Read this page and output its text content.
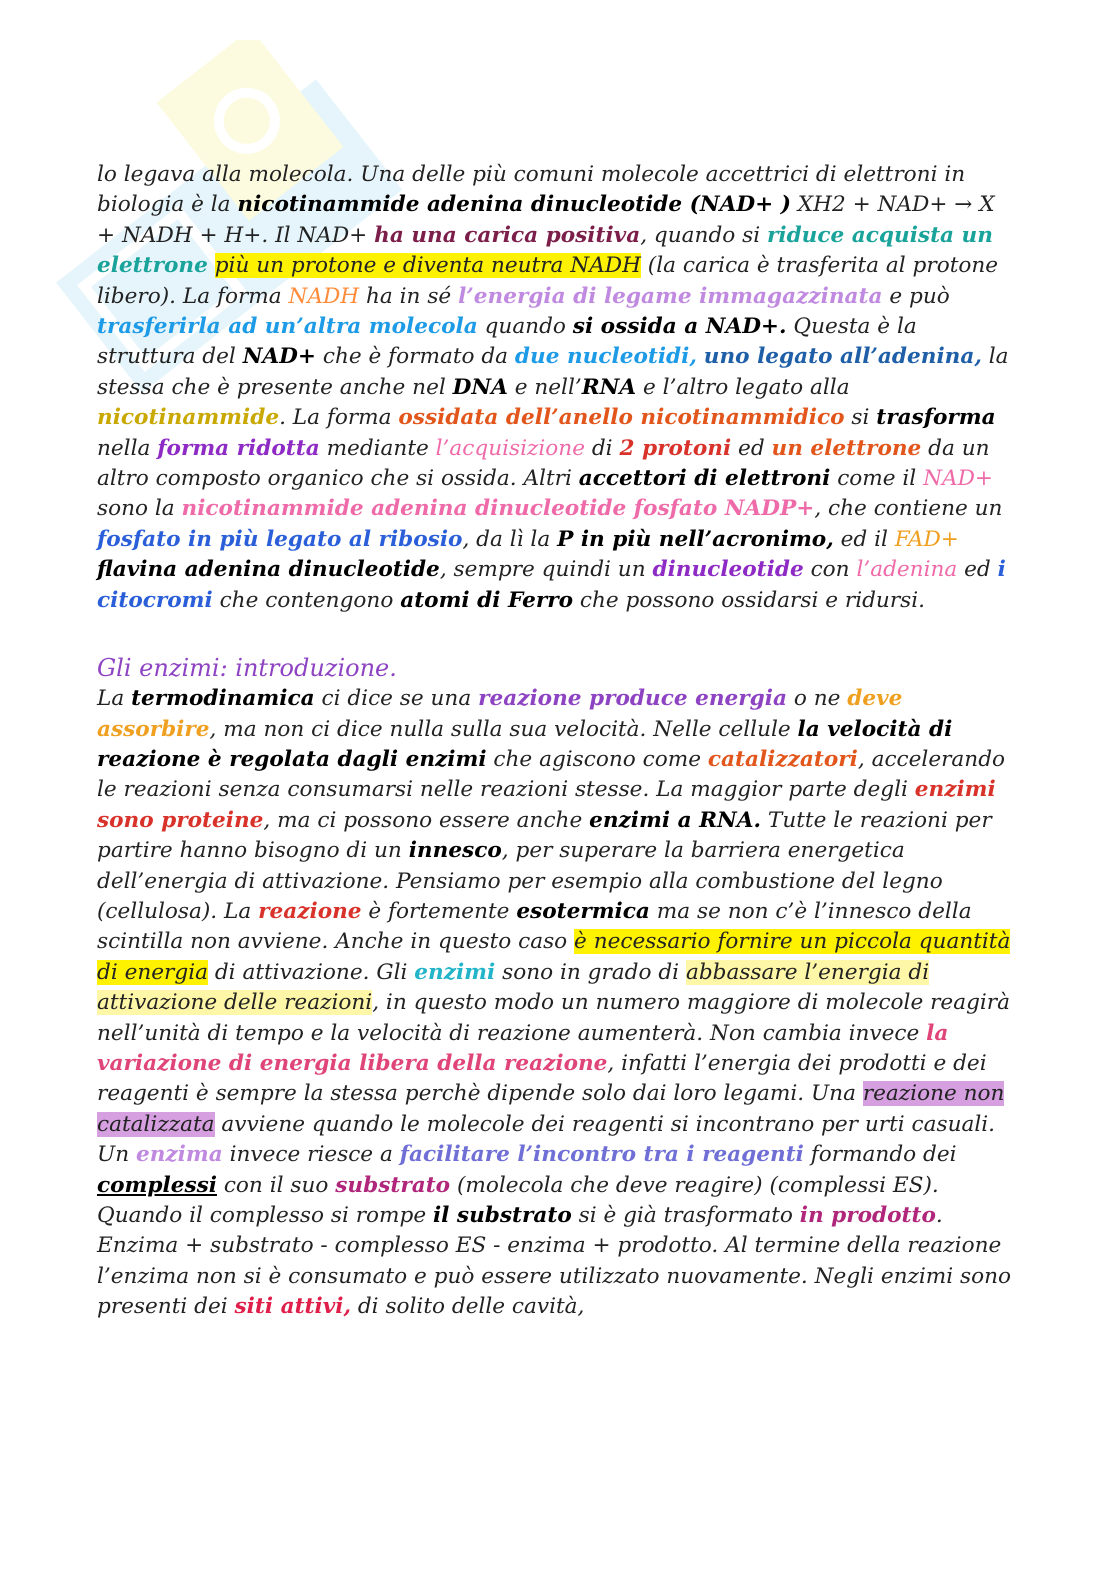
lo legava alla molecola. Una delle più comuni molecole accettrici di elettroni in biologia è la nicotinammide adenina dinucleotide (NAD+ ) XH2 + NAD+ → X + NADH + H+. Il NAD+ ha una carica positiva, quando si riduce acquista un elettrone più un protone e diventa neutra NADH (la carica è trasferita al protone libero). La forma NADH ha in sé l’energia di legame immagazzinata e può trasferirla ad un’altra molecola quando si ossida a NAD+. Questa è la struttura del NAD+ che è formato da due nucleotidi, uno legato all’adenina, la stessa che è presente anche nel DNA e nell’RNA e l’altro legato alla nicotinammide. La forma ossidata dell’anello nicotinammidico si trasforma nella forma ridotta mediante l’acquisizione di 2 protoni ed un elettrone da un altro composto organico che si ossida. Altri accettori di elettroni come il NAD+ sono la nicotinammide adenina dinucleotide fosfato NADP+, che contiene un fosfato in più legato al ribosio, da lì la P in più nell’acronimo, ed il FAD+ flavina adenina dinucleotide, sempre quindi un dinucleotide con l’adenina ed i citocromi che contengono atomi di Ferro che possono ossidarsi e ridursi.

Gli enzimi: introduzione.

La termodinamica ci dice se una reazione produce energia o ne deve assorbire, ma non ci dice nulla sulla sua velocità. Nelle cellule la velocità di reazione è regolata dagli enzimi che agiscono come catalizzatori, accelerando le reazioni senza consumarsi nelle reazioni stesse. La maggior parte degli enzimi sono proteine, ma ci possono essere anche enzimi a RNA. Tutte le reazioni per partire hanno bisogno di un innesco, per superare la barriera energetica dell’energia di attivazione. Pensiamo per esempio alla combustione del legno (cellulosa). La reazione è fortemente esotermica ma se non c’è l’innesco della scintilla non avviene. Anche in questo caso è necessario fornire un piccola quantità di energia di attivazione. Gli enzimi sono in grado di abbassare l’energia di attivazione delle reazioni, in questo modo un numero maggiore di molecole reagirà nell’unità di tempo e la velocità di reazione aumenterà. Non cambia invece la variazione di energia libera della reazione, infatti l’energia dei prodotti e dei reagenti è sempre la stessa perchè dipende solo dai loro legami. Una reazione non catalizzata avviene quando le molecole dei reagenti si incontrano per urti casuali. Un enzima invece riesce a facilitare l’incontro tra i reagenti formando dei complessi con il suo substrato (molecola che deve reagire) (complessi ES). Quando il complesso si rompe il substrato si è già trasformato in prodotto. Enzima + substrato - complesso ES - enzima + prodotto. Al termine della reazione l’enzima non si è consumato e può essere utilizzato nuovamente. Negli enzimi sono presenti dei siti attivi, di solito delle cavità,
